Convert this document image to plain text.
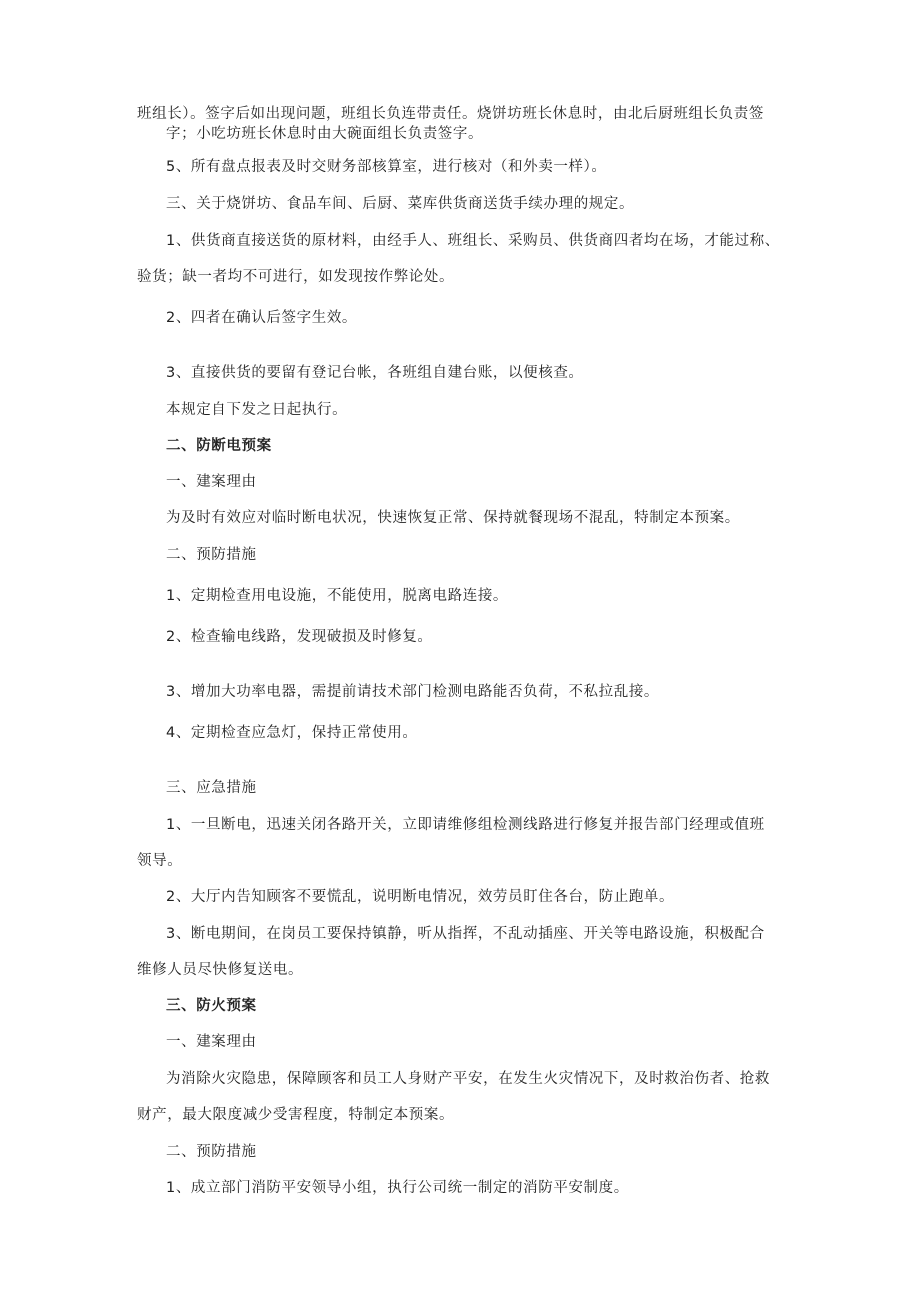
班组长）。签字后如出现问题，班组长负连带责任。烧饼坊班长休息时，由北后厨班组长负责签

字；小吃坊班长休息时由大碗面组长负责签字。

5、所有盘点报表及时交财务部核算室，进行核对（和外卖一样）。

三、关于烧饼坊、食品车间、后厨、菜库供货商送货手续办理的规定。

1、供货商直接送货的原材料，由经手人、班组长、采购员、供货商四者均在场，才能过称、

验货；缺一者均不可进行，如发现按作弊论处。

2、四者在确认后签字生效。

3、直接供货的要留有登记台帐，各班组自建台账，以便核查。

本规定自下发之日起执行。

二、防断电预案

一、建案理由

为及时有效应对临时断电状况，快速恢复正常、保持就餐现场不混乱，特制定本预案。

二、预防措施

1、定期检查用电设施，不能使用，脱离电路连接。

2、检查输电线路，发现破损及时修复。

3、增加大功率电器，需提前请技术部门检测电路能否负荷，不私拉乱接。

4、定期检查应急灯，保持正常使用。

三、应急措施

1、一旦断电，迅速关闭各路开关，立即请维修组检测线路进行修复并报告部门经理或值班

领导。

2、大厅内告知顾客不要慌乱，说明断电情况，效劳员盯住各台，防止跑单。

3、断电期间，在岗员工要保持镇静，听从指挥，不乱动插座、开关等电路设施，积极配合

维修人员尽快修复送电。

三、防火预案

一、建案理由

为消除火灾隐患，保障顾客和员工人身财产平安，在发生火灾情况下，及时救治伤者、抢救

财产，最大限度减少受害程度，特制定本预案。

二、预防措施

1、成立部门消防平安领导小组，执行公司统一制定的消防平安制度。
